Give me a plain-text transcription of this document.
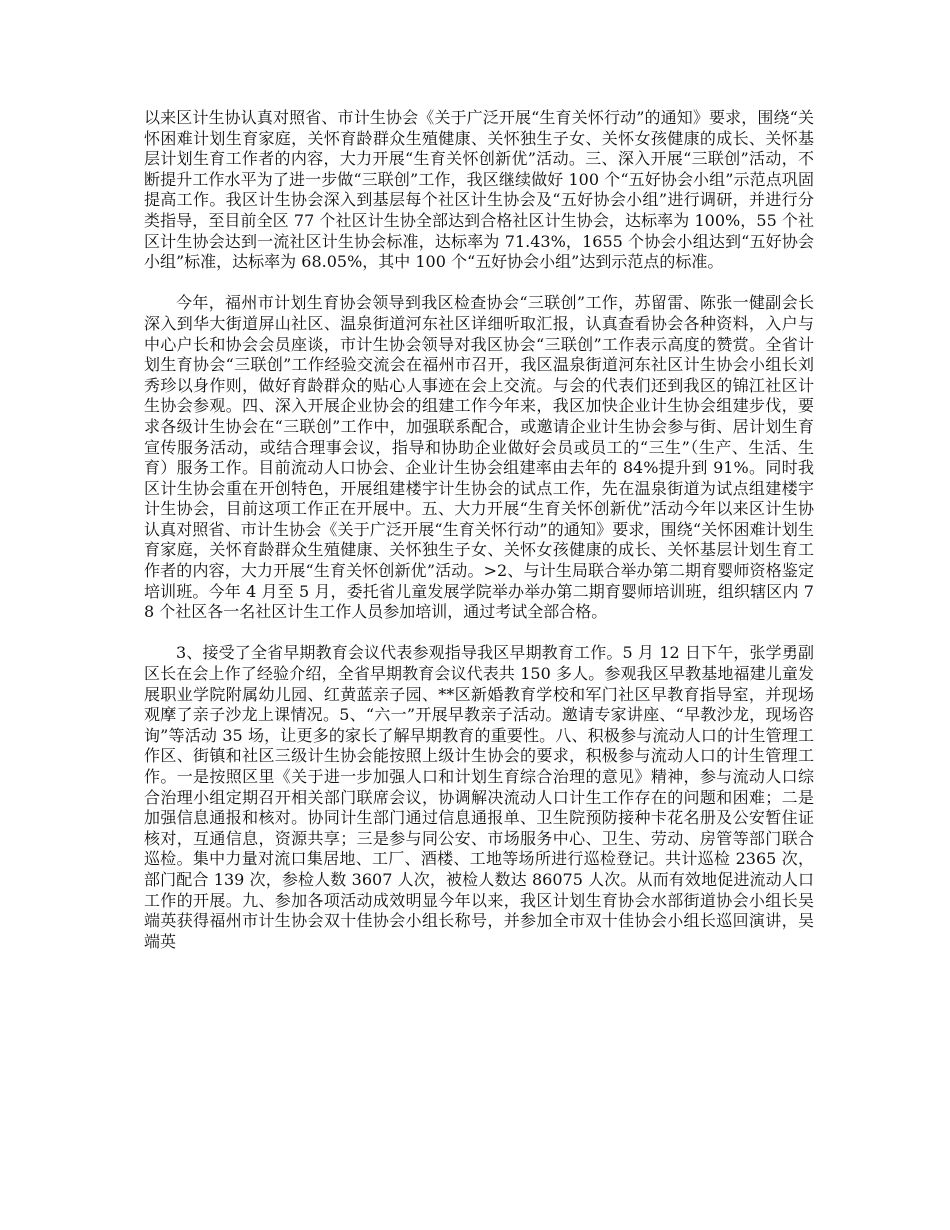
以来区计生协认真对照省、市计生协会《关于广泛开展“生育关怀行动”的通知》要求，围绕“关怀困难计划生育家庭，关怀育龄群众生殖健康、关怀独生子女、关怀女孩健康的成长、关怀基层计划生育工作者的内容，大力开展“生育关怀创新优”活动。三、深入开展“三联创”活动，不断提升工作水平为了进一步做“三联创”工作，我区继续做好 100 个“五好协会小组”示范点巩固提高工作。我区计生协会深入到基层每个社区计生协会及“五好协会小组”进行调研，并进行分类指导，至目前全区 77 个社区计生协全部达到合格社区计生协会，达标率为 100%，55 个社区计生协会达到一流社区计生协会标准，达标率为 71.43%，1655 个协会小组达到“五好协会小组”标准，达标率为 68.05%，其中 100 个“五好协会小组”达到示范点的标准。

今年，福州市计划生育协会领导到我区检查协会“三联创”工作，苏留雷、陈张一健副会长深入到华大街道屏山社区、温泉街道河东社区详细听取汇报，认真查看协会各种资料，入户与中心户长和协会会员座谈，市计生协会领导对我区协会“三联创”工作表示高度的赞赏。全省计划生育协会“三联创”工作经验交流会在福州市召开，我区温泉街道河东社区计生协会小组长刘秀珍以身作则，做好育龄群众的贴心人事迹在会上交流。与会的代表们还到我区的锦江社区计生协会参观。四、深入开展企业协会的组建工作今年来，我区加快企业计生协会组建步伐，要求各级计生协会在“三联创”工作中，加强联系配合，或邀请企业计生协会参与街、居计划生育宣传服务活动，或结合理事会议，指导和协助企业做好会员或员工的“三生”（生产、生活、生育）服务工作。目前流动人口协会、企业计生协会组建率由去年的 84%提升到 91%。同时我区计生协会重在开创特色，开展组建楼宇计生协会的试点工作，先在温泉街道为试点组建楼宇计生协会，目前这项工作正在开展中。五、大力开展“生育关怀创新优”活动今年以来区计生协认真对照省、市计生协会《关于广泛开展“生育关怀行动”的通知》要求，围绕“关怀困难计划生育家庭，关怀育龄群众生殖健康、关怀独生子女、关怀女孩健康的成长、关怀基层计划生育工作者的内容，大力开展“生育关怀创新优”活动。>2、与计生局联合举办第二期育婴师资格鉴定培训班。今年 4 月至 5 月，委托省儿童发展学院举办举办第二期育婴师培训班，组织辖区内 78 个社区各一名社区计生工作人员参加培训，通过考试全部合格。

3、接受了全省早期教育会议代表参观指导我区早期教育工作。5 月 12 日下午，张学勇副区长在会上作了经验介绍，全省早期教育会议代表共 150 多人。参观我区早教基地福建儿童发展职业学院附属幼儿园、红黄蓝亲子园、**区新婚教育学校和军门社区早教育指导室，并现场观摩了亲子沙龙上课情况。5、“六一”开展早教亲子活动。邀请专家讲座、“早教沙龙，现场咨询”等活动 35 场，让更多的家长了解早期教育的重要性。八、积极参与流动人口的计生管理工作区、街镇和社区三级计生协会能按照上级计生协会的要求，积极参与流动人口的计生管理工作。一是按照区里《关于进一步加强人口和计划生育综合治理的意见》精神，参与流动人口综合治理小组定期召开相关部门联席会议，协调解决流动人口计生工作存在的问题和困难；二是加强信息通报和核对。协同计生部门通过信息通报单、卫生院预防接种卡花名册及公安暂住证核对，互通信息，资源共享；三是参与同公安、市场服务中心、卫生、劳动、房管等部门联合巡检。集中力量对流口集居地、工厂、酒楼、工地等场所进行巡检登记。共计巡检 2365 次，部门配合 139 次，参检人数 3607 人次，被检人数达 86075 人次。从而有效地促进流动人口工作的开展。九、参加各项活动成效明显今年以来，我区计划生育协会水部街道协会小组长吴端英获得福州市计生协会双十佳协会小组长称号，并参加全市双十佳协会小组长巡回演讲，吴端英
